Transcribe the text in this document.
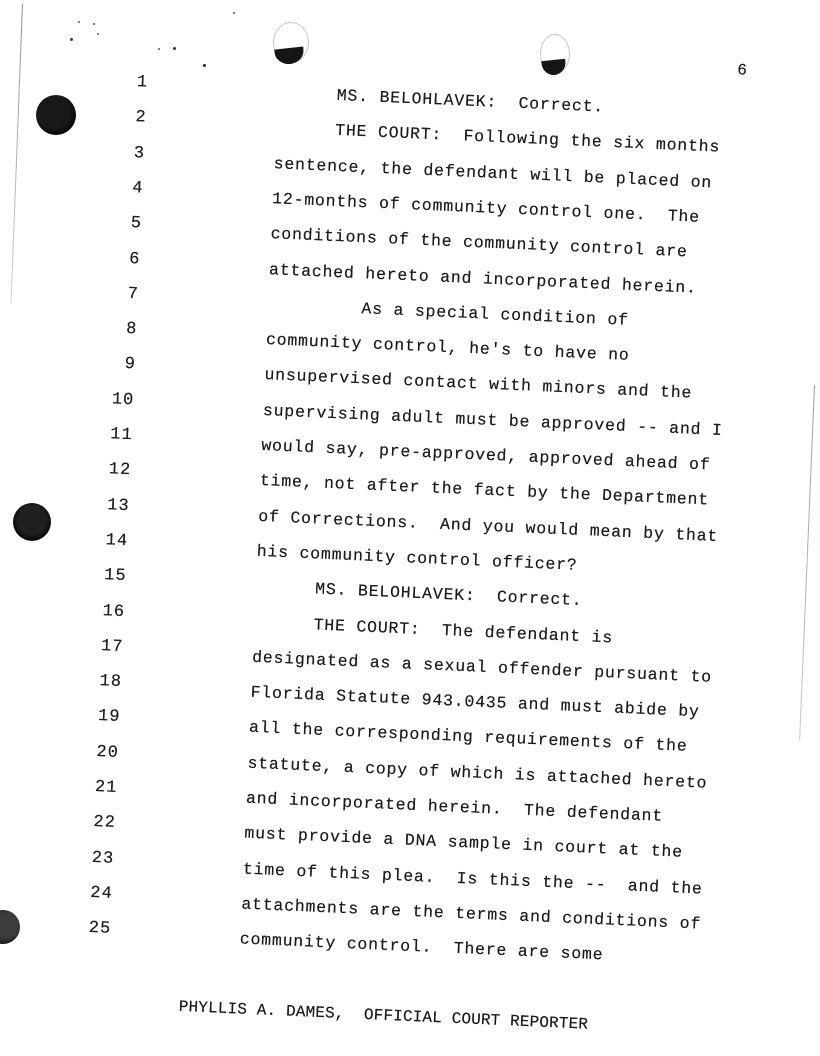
6
1
MS. BELOHLAVEK:  Correct.
2
THE COURT:  Following the six months
3
sentence, the defendant will be placed on
4
12-months of community control one.  The
5
conditions of the community control are
6
attached hereto and incorporated herein.
7
As a special condition of
8
community control, he's to have no
9
unsupervised contact with minors and the
10
supervising adult must be approved -- and I
11
would say, pre-approved, approved ahead of
12
time, not after the fact by the Department
13
of Corrections.  And you would mean by that
14
his community control officer?
15
MS. BELOHLAVEK:  Correct.
16
THE COURT:  The defendant is
17
designated as a sexual offender pursuant to
18
Florida Statute 943.0435 and must abide by
19
all the corresponding requirements of the
20
statute, a copy of which is attached hereto
21
and incorporated herein.  The defendant
22
must provide a DNA sample in court at the
23
time of this plea.  Is this the --  and the
24
attachments are the terms and conditions of
25
community control.  There are some
PHYLLIS A. DAMES,  OFFICIAL COURT REPORTER
